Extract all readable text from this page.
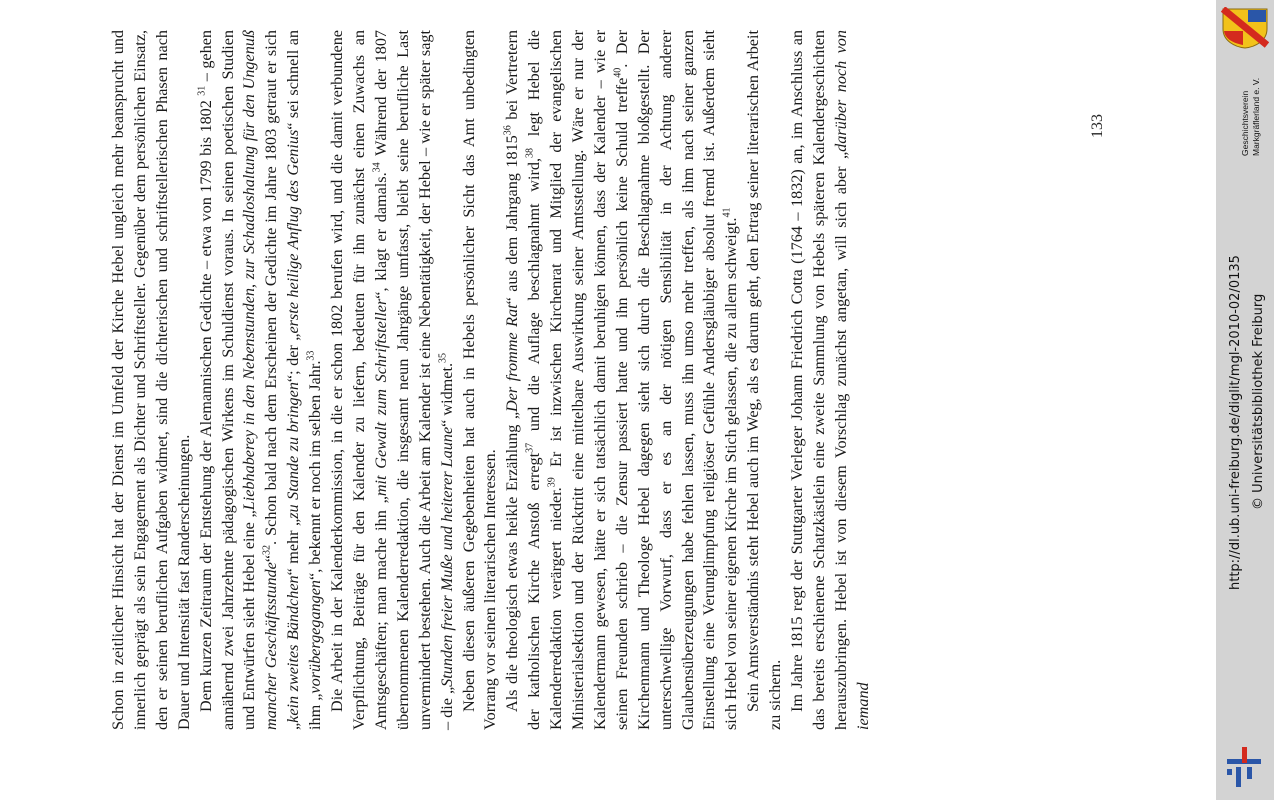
Schon in zeitlicher Hinsicht hat der Dienst im Umfeld der Kirche Hebel ungleich mehr beansprucht und innerlich geprägt als sein Engagement als Dichter und Schriftsteller. Gegenüber dem persönlichen Einsatz, den er seinen beruflichen Aufgaben widmet, sind die dichterischen und schriftstellerischen Phasen nach Dauer und Intensität fast Randerscheinungen. Dem kurzen Zeitraum der Entstehung der Alemannischen Gedichte – etwa von 1799 bis 1802 $^{31}$ – gehen annähernd zwei Jahrzehnte pädagogischen Wirkens im Schuldienst voraus. In seinen poetischen Studien und Entwürfen sieht Hebel eine „Liebhaberey in den Nebenstunden, zur Schadloshaltung für den Ungenuß mancher Geschäftsstunde“$^{32}$. Schon bald nach dem Erscheinen der Gedichte im Jahre 1803 getraut er sich „kein zweites Bändchen“ mehr „zu Stande zu bringen“; der „erste heilige Anflug des Genius“ sei schnell an ihm „vorübergegangen“, bekennt er noch im selben Jahr.$^{33}$ Die Arbeit in der Kalenderkommission, in die er schon 1802 berufen wird, und die damit verbundene Verpflichtung, Beiträge für den Kalender zu liefern, bedeuten für ihn zunächst einen Zuwachs an Amtsgeschäften; man mache ihn „mit Gewalt zum Schriftsteller“, klagt er damals.$^{34}$ Während der 1807 übernommenen Kalenderredaktion, die insgesamt neun Jahrgänge umfasst, bleibt seine berufliche Last unvermindert bestehen. Auch die Arbeit am Kalender ist eine Nebentätigkeit, der Hebel – wie er später sagt – die „Stunden freier Muße und heiterer Laune“ widmet.$^{35}$ Neben diesen äußeren Gegebenheiten hat auch in Hebels persönlicher Sicht das Amt unbedingten Vorrang vor seinen literarischen Interessen. Als die theologisch etwas heikle Erzählung „Der fromme Rat“ aus dem Jahrgang 1815$^{36}$ bei Vertretern der katholischen Kirche Anstoß erregt$^{37}$ und die Auflage beschlagnahmt wird,$^{38}$ legt Hebel die Kalenderredaktion verärgert nieder.$^{39}$ Er ist inzwischen Kirchenrat und Mitglied der evangelischen Ministerialsektion und der Rücktritt eine mittelbare Auswirkung seiner Amtsstellung. Wäre er nur der Kalendermann gewesen, hätte er sich tatsächlich damit beruhigen können, dass der Kalender – wie er seinen Freunden schrieb – die Zensur passiert hatte und ihn persönlich keine Schuld treffe$^{40}$. Der Kirchenmann und Theologe Hebel dagegen sieht sich durch die Beschlagnahme bloßgestellt. Der unterschwellige Vorwurf, dass er es an der nötigen Sensibilität in der Achtung anderer Glaubensüberzeugungen habe fehlen lassen, muss ihn umso mehr treffen, als ihm nach seiner ganzen Einstellung eine Verunglimpfung religiöser Gefühle Andersgläubiger absolut fremd ist. Außerdem sieht sich Hebel von seiner eigenen Kirche im Stich gelassen, die zu allem schweigt.$^{41}$ Sein Amtsverständnis steht Hebel auch im Weg, als es darum geht, den Ertrag seiner literarischen Arbeit zu sichern. Im Jahre 1815 regt der Stuttgarter Verleger Johann Friedrich Cotta (1764 – 1832) an, im Anschluss an das bereits erschienene Schatzkästlein eine zweite Sammlung von Hebels späteren Kalendergeschichten herauszubringen. Hebel ist von diesem Vorschlag zunächst angetan, will sich aber „darüber noch von iemand

133	Geschichtsverein Markgräflerland e. V.
http://dl.ub.uni-freiburg.de/diglit/mgl-2010-02/0135 © Universitätsbibliothek Freiburg
